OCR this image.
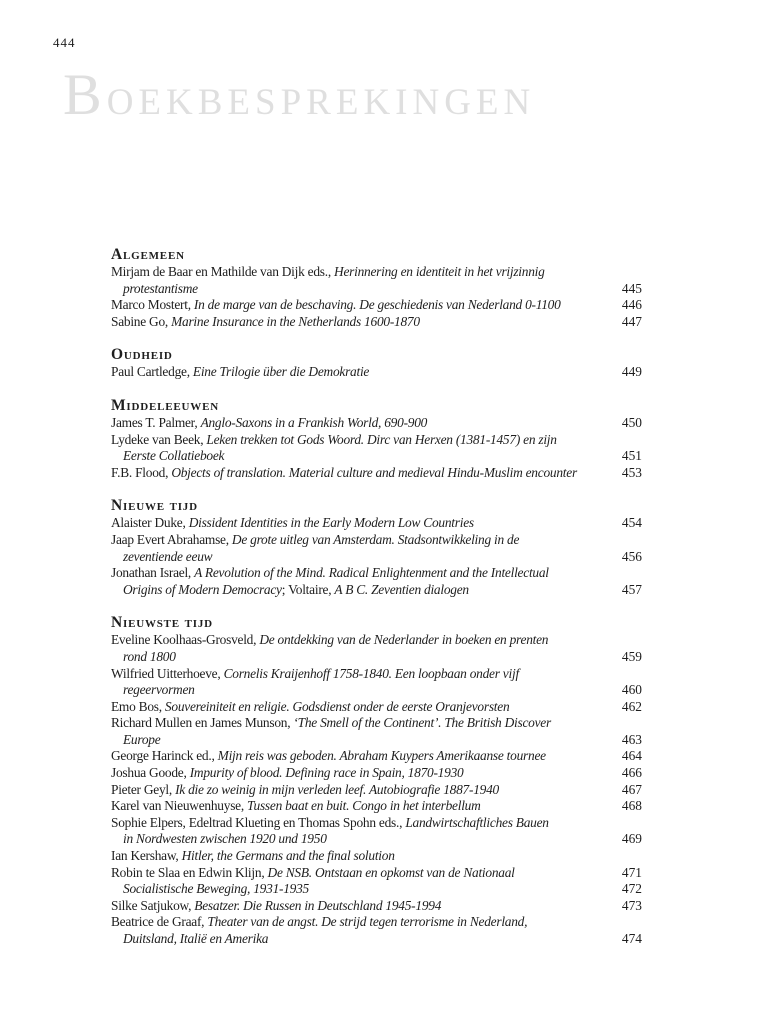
444
BOEKBESPREKINGEN
Algemeen
Mirjam de Baar en Mathilde van Dijk eds., Herinnering en identiteit in het vrijzinnig
protestantisme	445
Marco Mostert, In de marge van de beschaving. De geschiedenis van Nederland 0-1100	446
Sabine Go, Marine Insurance in the Netherlands 1600-1870	447
Oudheid
Paul Cartledge, Eine Trilogie über die Demokratie	449
Middeleeuwen
James T. Palmer, Anglo-Saxons in a Frankish World, 690-900	450
Lydeke van Beek, Leken trekken tot Gods Woord. Dirc van Herxen (1381-1457) en zijn
Eerste Collatieboek	451
F.B. Flood, Objects of translation. Material culture and medieval Hindu-Muslim encounter	453
Nieuwe tijd
Alaister Duke, Dissident Identities in the Early Modern Low Countries	454
Jaap Evert Abrahamse, De grote uitleg van Amsterdam. Stadsontwikkeling in de
zeventiende eeuw	456
Jonathan Israel, A Revolution of the Mind. Radical Enlightenment and the Intellectual
Origins of Modern Democracy; Voltaire, A B C. Zeventien dialogen	457
Nieuwste tijd
Eveline Koolhaas-Grosveld, De ontdekking van de Nederlander in boeken en prenten
rond 1800	459
Wilfried Uitterhoeve, Cornelis Kraijenhoff 1758-1840. Een loopbaan onder vijf
regeervormen	460
Emo Bos, Souvereiniteit en religie. Godsdienst onder de eerste Oranjevorsten	462
Richard Mullen en James Munson, ‘The Smell of the Continent’. The British Discover
Europe	463
George Harinck ed., Mijn reis was geboden. Abraham Kuypers Amerikaanse tournee	464
Joshua Goode, Impurity of blood. Defining race in Spain, 1870-1930	466
Pieter Geyl, Ik die zo weinig in mijn verleden leef. Autobiografie 1887-1940	467
Karel van Nieuwenhuyse, Tussen baat en buit. Congo in het interbellum	468
Sophie Elpers, Edeltrad Klueting en Thomas Spohn eds., Landwirtschaftliches Bauen
in Nordwesten zwischen 1920 und 1950	469
Ian Kershaw, Hitler, the Germans and the final solution
Robin te Slaa en Edwin Klijn, De NSB. Ontstaan en opkomst van de Nationaal	471
Socialistische Beweging, 1931-1935	472
Silke Satjukow, Besatzer. Die Russen in Deutschland 1945-1994	473
Beatrice de Graaf, Theater van de angst. De strijd tegen terrorisme in Nederland,
Duitsland, Italië en Amerika	474
